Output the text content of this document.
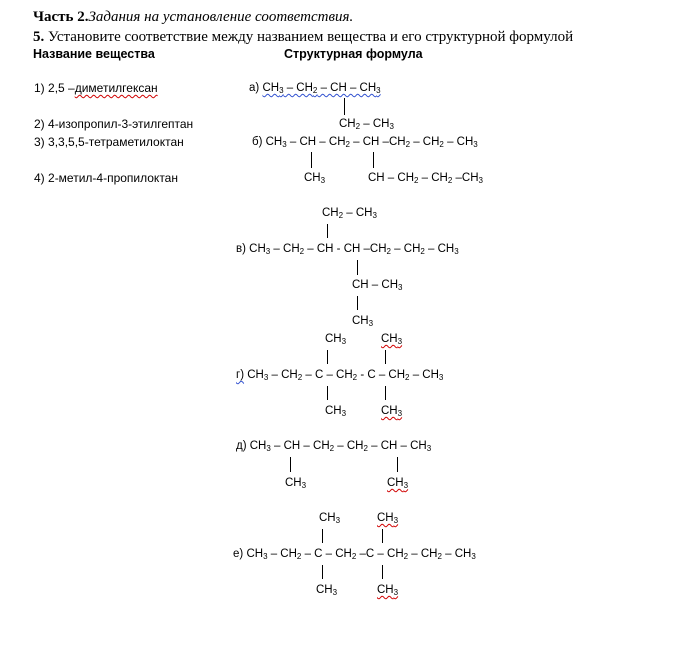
Часть 2.Задания на установление соответствия.
5. Установите соответствие между названием вещества и его структурной формулой
Название вещества	Структурная формула
1) 2,5 –диметилгексан
2) 4-изопропил-3-этилгептан
3) 3,3,5,5-тетраметилоктан
4) 2-метил-4-пропилоктан
а) $CH_3 - CH_2$ – CH – $CH_3$
$CH_2 - CH_3$
б) $CH_3$ – CH – $CH_2$ – CH $-CH_2 - CH_2 - CH_3$
$CH_3$	CH – $CH_2 - CH_2$ $-CH_3$
$CH_2 - CH_3$
в) $CH_3 - CH_2$ – CH - CH $-CH_2 - CH_2 - CH_3$
CH – $CH_3$
$CH_3$
$CH_3$	$CH_3$
г) $CH_3 - CH_2$ – C – $CH_2$ - C – $CH_2 - CH_3$
$CH_3$	$CH_3$
д) $CH_3$ – CH – $CH_2 - CH_2$ – CH – $CH_3$
$CH_3$	$CH_3$
$CH_3$	$CH_3$
е) $CH_3 - CH_2$ – C – $CH_2$ $-C - CH_2 - CH_2 - CH_3$
$CH_3$	$CH_3$
